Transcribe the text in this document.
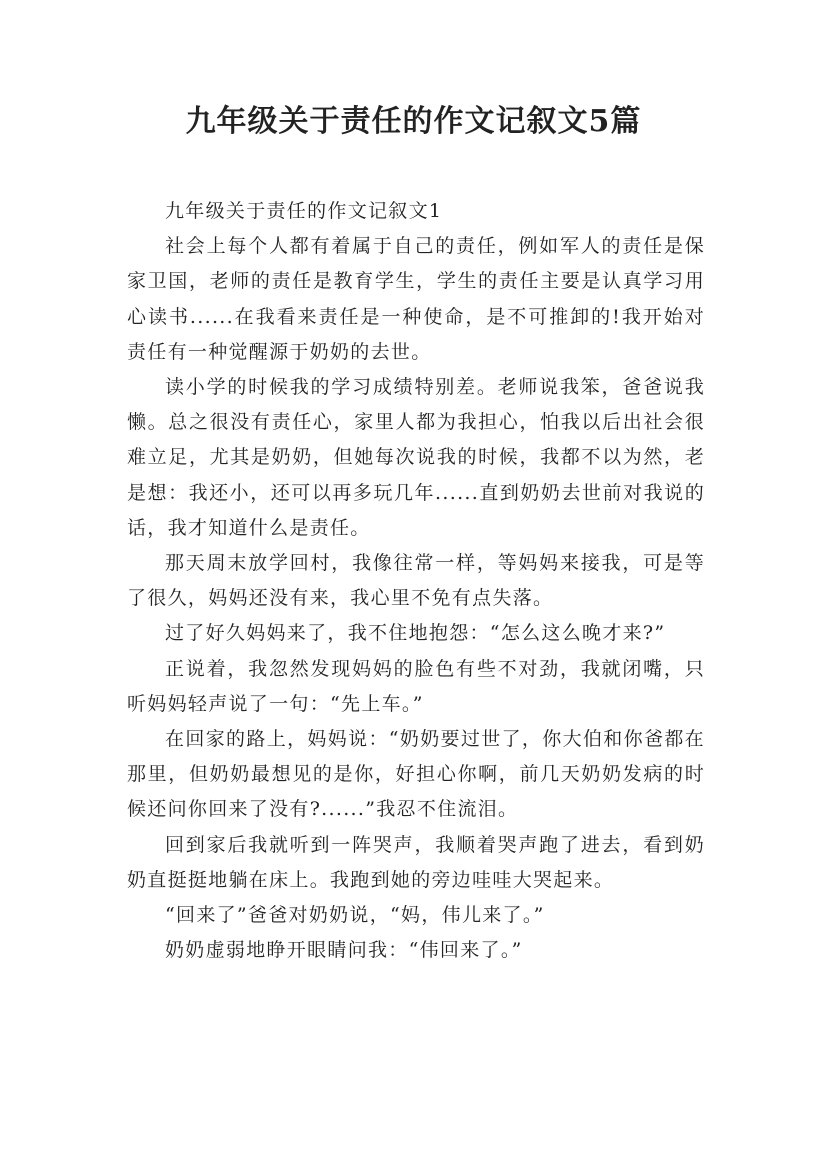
九年级关于责任的作文记叙文5篇

九年级关于责任的作文记叙文1

社会上每个人都有着属于自己的责任，例如军人的责任是保家卫国，老师的责任是教育学生，学生的责任主要是认真学习用心读书......在我看来责任是一种使命，是不可推卸的!我开始对责任有一种觉醒源于奶奶的去世。

读小学的时候我的学习成绩特别差。老师说我笨，爸爸说我懒。总之很没有责任心，家里人都为我担心，怕我以后出社会很难立足，尤其是奶奶，但她每次说我的时候，我都不以为然，老是想：我还小，还可以再多玩几年......直到奶奶去世前对我说的话，我才知道什么是责任。

那天周末放学回村，我像往常一样，等妈妈来接我，可是等了很久，妈妈还没有来，我心里不免有点失落。

过了好久妈妈来了，我不住地抱怨：“怎么这么晚才来?”

正说着，我忽然发现妈妈的脸色有些不对劲，我就闭嘴，只听妈妈轻声说了一句：“先上车。”

在回家的路上，妈妈说：“奶奶要过世了，你大伯和你爸都在那里，但奶奶最想见的是你，好担心你啊，前几天奶奶发病的时候还问你回来了没有?......”我忍不住流泪。

回到家后我就听到一阵哭声，我顺着哭声跑了进去，看到奶奶直挺挺地躺在床上。我跑到她的旁边哇哇大哭起来。

“回来了”爸爸对奶奶说，“妈，伟儿来了。”

奶奶虚弱地睁开眼睛问我：“伟回来了。”
